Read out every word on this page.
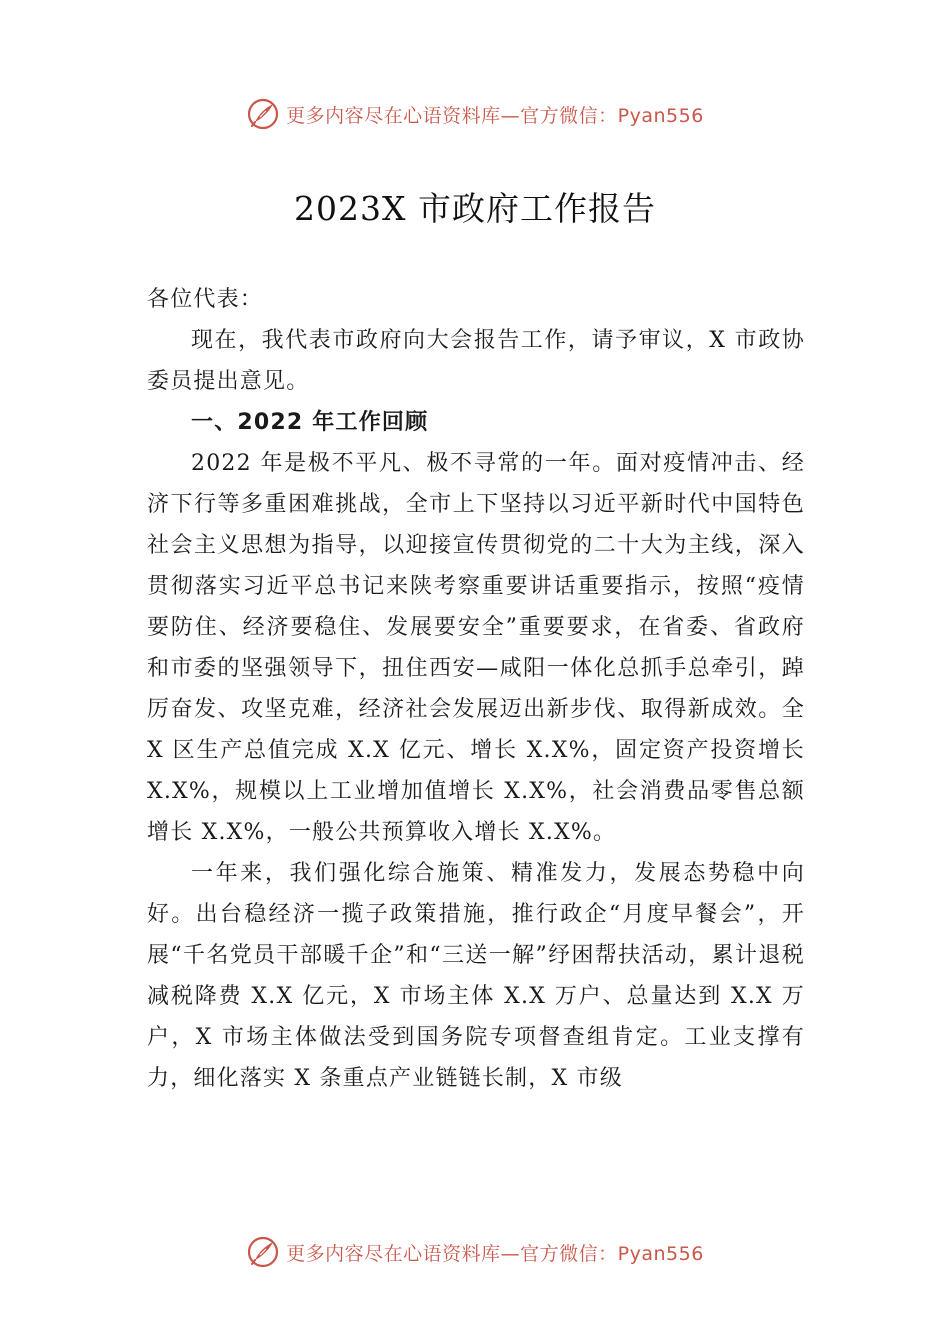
更多内容尽在心语资料库—官方微信：Pyan556
2023X 市政府工作报告

各位代表：

现在，我代表市政府向大会报告工作，请予审议，X 市政协委员提出意见。

一、2022 年工作回顾

2022 年是极不平凡、极不寻常的一年。面对疫情冲击、经济下行等多重困难挑战，全市上下坚持以习近平新时代中国特色社会主义思想为指导，以迎接宣传贯彻党的二十大为主线，深入贯彻落实习近平总书记来陕考察重要讲话重要指示，按照“疫情要防住、经济要稳住、发展要安全”重要要求，在省委、省政府和市委的坚强领导下，扭住西安—咸阳一体化总抓手总牵引，踔厉奋发、攻坚克难，经济社会发展迈出新步伐、取得新成效。全 X 区生产总值完成 X.X 亿元、增长 X.X%，固定资产投资增长 X.X%，规模以上工业增加值增长 X.X%，社会消费品零售总额增长 X.X%，一般公共预算收入增长 X.X%。

一年来，我们强化综合施策、精准发力，发展态势稳中向好。出台稳经济一揽子政策措施，推行政企“月度早餐会”，开展“千名党员干部暖千企”和“三送一解”纾困帮扶活动，累计退税减税降费 X.X 亿元，X 市场主体 X.X 万户、总量达到 X.X 万户，X 市场主体做法受到国务院专项督查组肯定。工业支撑有力，细化落实 X 条重点产业链链长制，X 市级

更多内容尽在心语资料库—官方微信：Pyan556
